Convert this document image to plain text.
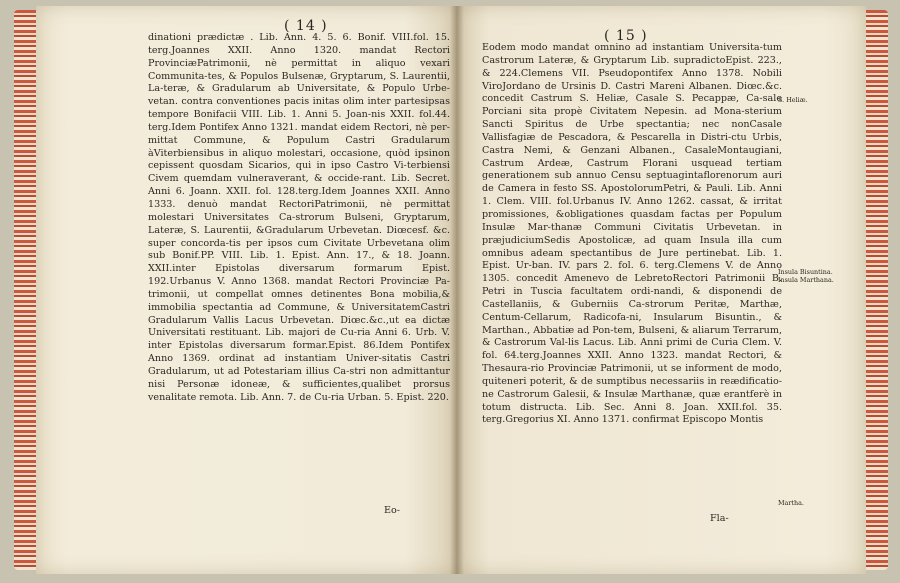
( 14 )
dinationi prædictæ . Lib. Ann. 4. 5. 6. Bonif. VIII.fol. 15. terg.Joannes XXII. Anno 1320. mandat Rectori ProvinciæPatrimonii, nè permittat in aliquo vexari Communita-tes, & Populos Bulsenæ, Gryptarum, S. Laurentii, La-teræ, & Gradularum ab Universitate, & Populo Urbe-vetan. contra conventiones pacis initas olim inter partesipsas tempore Bonifacii VIII. Lib. 1. Anni 5. Joan-nis XXII. fol.44. terg.Idem Pontifex Anno 1321. mandat eidem Rectori, nè per-mittat Commune, & Populum Castri Gradularum àViterbiensibus in aliquo molestari, occasione, quòd ipsinon cepissent quosdam Sicarios, qui in ipso Castro Vi-terbiensi Civem quemdam vulneraverant, & occide-rant. Lib. Secret. Anni 6. Joann. XXII. fol. 128.terg.Idem Joannes XXII. Anno 1333. denuò mandat RectoriPatrimonii, nè permittat molestari Universitates Ca-strorum Bulseni, Gryptarum, Lateræ, S. Laurentii, &Gradularum Urbevetan. Diœcesf. &c. super concorda-tis per ipsos cum Civitate Urbevetana olim sub Bonif.PP. VIII. Lib. 1. Epist. Ann. 17., & 18. Joann. XXII.inter Epistolas diversarum formarum Epist. 192.Urbanus V. Anno 1368. mandat Rectori Provinciæ Pa-trimonii, ut compellat omnes detinentes Bona mobilia,& immobilia spectantia ad Commune, & UniversitatemCastri Gradularum Vallis Lacus Urbevetan. Diœc.&c.,ut ea dictæ Universitati restituant. Lib. majori de Cu-ria Anni 6. Urb. V. inter Epistolas diversarum formar.Epist. 86.Idem Pontifex Anno 1369. ordinat ad instantiam Univer-sitatis Castri Gradularum, ut ad Potestariam illius Ca-stri non admittantur nisi Personæ idoneæ, & sufficientes,qualibet prorsus venalitate remota. Lib. Ann. 7. de Cu-ria Urban. 5. Epist. 220.
Eo-
( 15 )
Eodem modo mandat omnino ad instantiam Universita-tum Castrorum Lateræ, & Gryptarum Lib. supradictoEpist. 223., & 224.Clemens VII. Pseudopontifex Anno 1378. Nobili ViroJordano de Ursinis D. Castri Mareni Albanen. Diœc.&c. concedit Castrum S. Heliæ, Casale S. Pecappæ, Ca-sale Porciani sita propè Civitatem Nepesin. ad Mona-sterium Sancti Spiritus de Urbe spectantia; nec nonCasale Vallisfagiæ de Pescadora, & Pescarella in Distri-ctu Urbis, Castra Nemi, & Genzani Albanen., CasaleMontaugiani, Castrum Ardeæ, Castrum Florani usquead tertiam generationem sub annuo Censu septuagintaflorenorum auri de Camera in festo SS. ApostolorumPetri, & Pauli. Lib. Anni 1. Clem. VIII. fol.Urbanus IV. Anno 1262. cassat, & irritat promissiones, &obligationes quasdam factas per Populum Insulæ Mar-thanæ Communi Civitatis Urbevetan. in præjudiciumSedis Apostolicæ, ad quam Insula illa cum omnibus adeam spectantibus de Jure pertinebat. Lib. 1. Epist. Ur-ban. IV. pars 2. fol. 6. terg.Clemens V. de Anno 1305. concedit Amenevo de LebretoRectori Patrimonii B. Petri in Tuscia facultatem ordi-nandi, & disponendi de Castellaniis, & Guberniis Ca-strorum Peritæ, Marthæ, Centum-Cellarum, Radicofa-ni, Insularum Bisuntin., & Marthan., Abbatiæ ad Pon-tem, Bulseni, & aliarum Terrarum, & Castrorum Val-lis Lacus. Lib. Anni primi de Curia Clem. V. fol. 64.terg.Joannes XXII. Anno 1323. mandat Rectori, & Thesaura-rio Provinciæ Patrimonii, ut se informent de modo, quiteneri poterit, & de sumptibus necessariis in reædificatio-ne Castrorum Galesii, & Insulæ Marthanæ, quæ erantferè in totum distructa. Lib. Sec. Anni 8. Joan. XXII.fol. 35. terg.Gregorius XI. Anno 1371. confirmat Episcopo Montis
Fla-
S. Heliæ.
Insula Bisuntina.
Insula Marthana.
Martha.
